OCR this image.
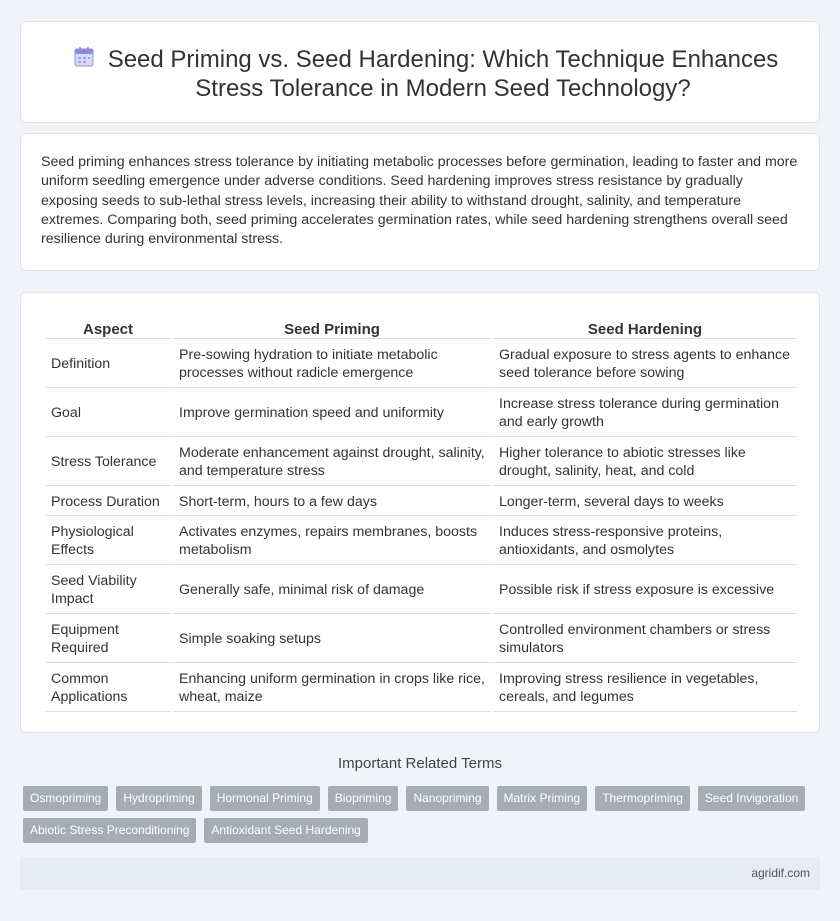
Seed Priming vs. Seed Hardening: Which Technique Enhances Stress Tolerance in Modern Seed Technology?

Seed priming enhances stress tolerance by initiating metabolic processes before germination, leading to faster and more uniform seedling emergence under adverse conditions. Seed hardening improves stress resistance by gradually exposing seeds to sub-lethal stress levels, increasing their ability to withstand drought, salinity, and temperature extremes. Comparing both, seed priming accelerates germination rates, while seed hardening strengthens overall seed resilience during environmental stress.

Aspect	Seed Priming	Seed Hardening
Definition	Pre-sowing hydration to initiate metabolic processes without radicle emergence	Gradual exposure to stress agents to enhance seed tolerance before sowing
Goal	Improve germination speed and uniformity	Increase stress tolerance during germination and early growth
Stress Tolerance	Moderate enhancement against drought, salinity, and temperature stress	Higher tolerance to abiotic stresses like drought, salinity, heat, and cold
Process Duration	Short-term, hours to a few days	Longer-term, several days to weeks
Physiological Effects	Activates enzymes, repairs membranes, boosts metabolism	Induces stress-responsive proteins, antioxidants, and osmolytes
Seed Viability Impact	Generally safe, minimal risk of damage	Possible risk if stress exposure is excessive
Equipment Required	Simple soaking setups	Controlled environment chambers or stress simulators
Common Applications	Enhancing uniform germination in crops like rice, wheat, maize	Improving stress resilience in vegetables, cereals, and legumes
Important Related Terms
Osmopriming	Hydropriming	Hormonal Priming	Biopriming	Nanopriming	Matrix Priming	Thermopriming	Seed Invigoration
Abiotic Stress Preconditioning	Antioxidant Seed Hardening
agridif.com
